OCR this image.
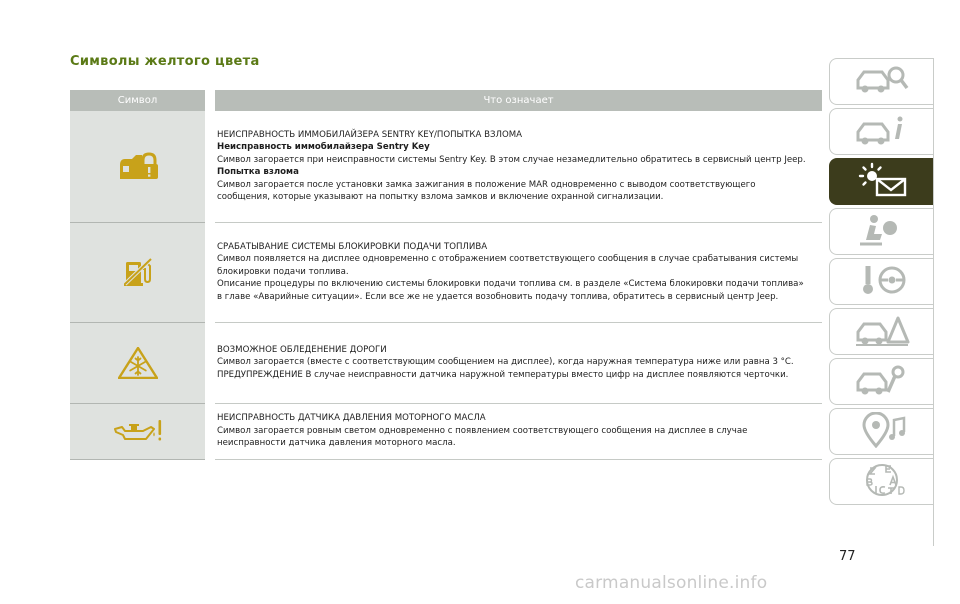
Символы желтого цвета
Символ	Что означает

НЕИСПРАВНОСТЬ ИММОБИЛАЙЗЕРА SENTRY KEY/ПОПЫТКА ВЗЛОМА
Неисправность иммобилайзера Sentry Key
Символ загорается при неисправности системы Sentry Key. В этом случае незамедлительно обратитесь в сервисный центр Jeep.
Попытка взлома
Символ загорается после установки замка зажигания в положение MAR одновременно с выводом соответствующего сообщения, которые указывают на попытку взлома замков и включение охранной сигнализации.

СРАБАТЫВАНИЕ СИСТЕМЫ БЛОКИРОВКИ ПОДАЧИ ТОПЛИВА
Символ появляется на дисплее одновременно с отображением соответствующего сообщения в случае срабатывания системы блокировки подачи топлива.
Описание процедуры по включению системы блокировки подачи топлива см. в разделе «Система блокировки подачи топлива» в главе «Аварийные ситуации». Если все же не удается возобновить подачу топлива, обратитесь в сервисный центр Jeep.

ВОЗМОЖНОЕ ОБЛЕДЕНЕНИЕ ДОРОГИ
Символ загорается (вместе с соответствующим сообщением на дисплее), когда наружная температура ниже или равна 3 °C.
ПРЕДУПРЕЖДЕНИЕ В случае неисправности датчика наружной температуры вместо цифр на дисплее появляются черточки.

НЕИСПРАВНОСТЬ ДАТЧИКА ДАВЛЕНИЯ МОТОРНОГО МАСЛА
Символ загорается ровным светом одновременно с появлением соответствующего сообщения на дисплее в случае неисправности датчика давления моторного масла.
77
carmanualsonline.info
